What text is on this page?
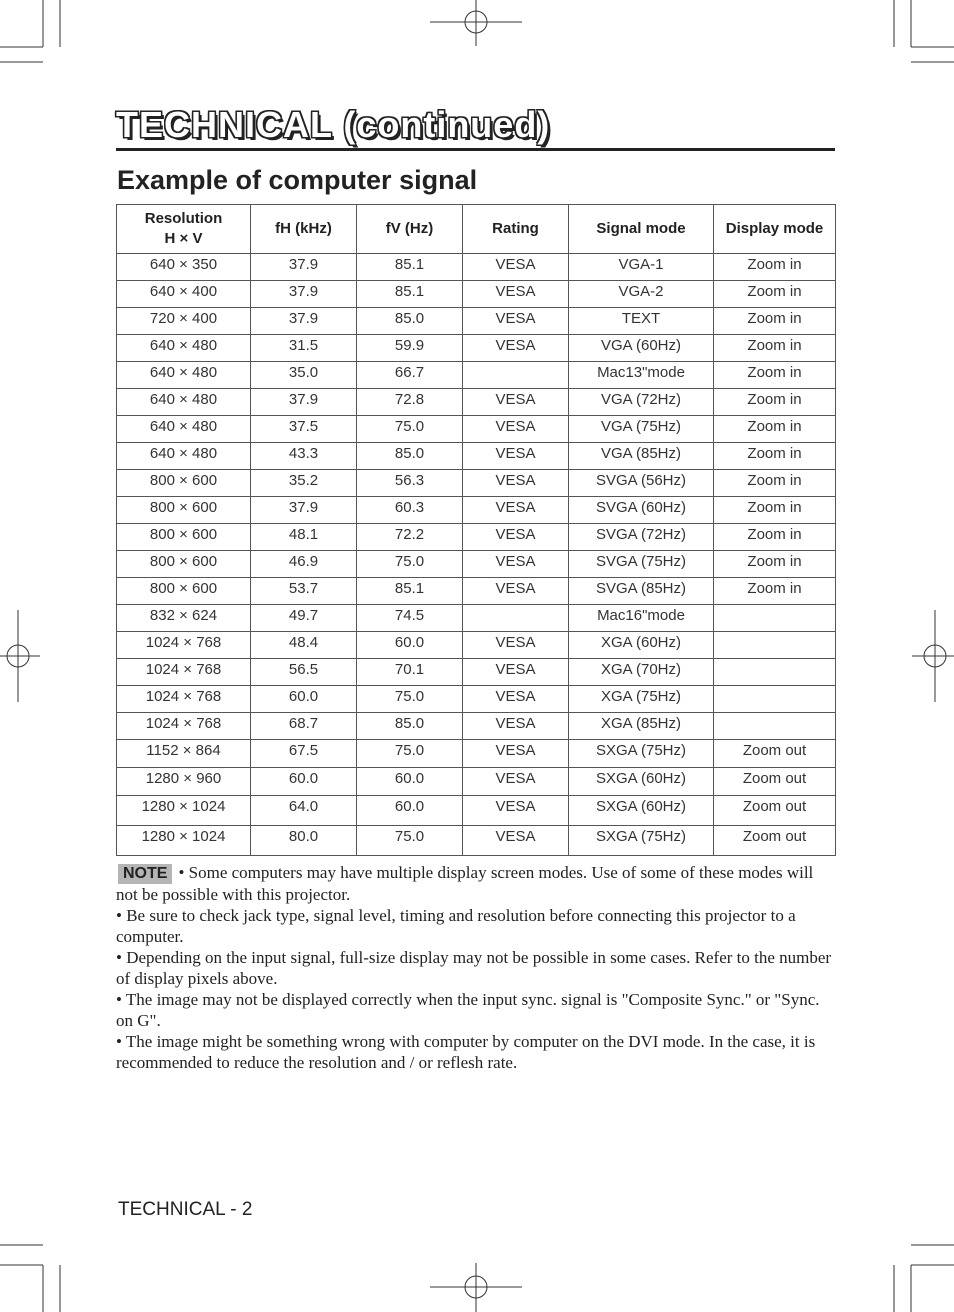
TECHNICAL (continued)
Example of computer signal
Resolution
H × V	fH (kHz)	fV (Hz)	Rating	Signal mode	Display mode
640 × 350	37.9	85.1	VESA	VGA-1	Zoom in
640 × 400	37.9	85.1	VESA	VGA-2	Zoom in
720 × 400	37.9	85.0	VESA	TEXT	Zoom in
640 × 480	31.5	59.9	VESA	VGA (60Hz)	Zoom in
640 × 480	35.0	66.7		Mac13"mode	Zoom in
640 × 480	37.9	72.8	VESA	VGA (72Hz)	Zoom in
640 × 480	37.5	75.0	VESA	VGA (75Hz)	Zoom in
640 × 480	43.3	85.0	VESA	VGA (85Hz)	Zoom in
800 × 600	35.2	56.3	VESA	SVGA (56Hz)	Zoom in
800 × 600	37.9	60.3	VESA	SVGA (60Hz)	Zoom in
800 × 600	48.1	72.2	VESA	SVGA (72Hz)	Zoom in
800 × 600	46.9	75.0	VESA	SVGA (75Hz)	Zoom in
800 × 600	53.7	85.1	VESA	SVGA (85Hz)	Zoom in
832 × 624	49.7	74.5		Mac16"mode	
1024 × 768	48.4	60.0	VESA	XGA (60Hz)	
1024 × 768	56.5	70.1	VESA	XGA (70Hz)	
1024 × 768	60.0	75.0	VESA	XGA (75Hz)	
1024 × 768	68.7	85.0	VESA	XGA (85Hz)	
1152 × 864	67.5	75.0	VESA	SXGA (75Hz)	Zoom out
1280 × 960	60.0	60.0	VESA	SXGA (60Hz)	Zoom out
1280 × 1024	64.0	60.0	VESA	SXGA (60Hz)	Zoom out
1280 × 1024	80.0	75.0	VESA	SXGA (75Hz)	Zoom out

NOTE • Some computers may have multiple display screen modes. Use of some of these modes will not be possible with this projector.

• Be sure to check jack type, signal level, timing and resolution before connecting this projector to a computer.

• Depending on the input signal, full-size display may not be possible in some cases. Refer to the number of display pixels above.

• The image may not be displayed correctly when the input sync. signal is "Composite Sync." or "Sync. on G".

• The image might be something wrong with computer by computer on the DVI mode. In the case, it is recommended to reduce the resolution and / or reflesh rate.

TECHNICAL - 2
